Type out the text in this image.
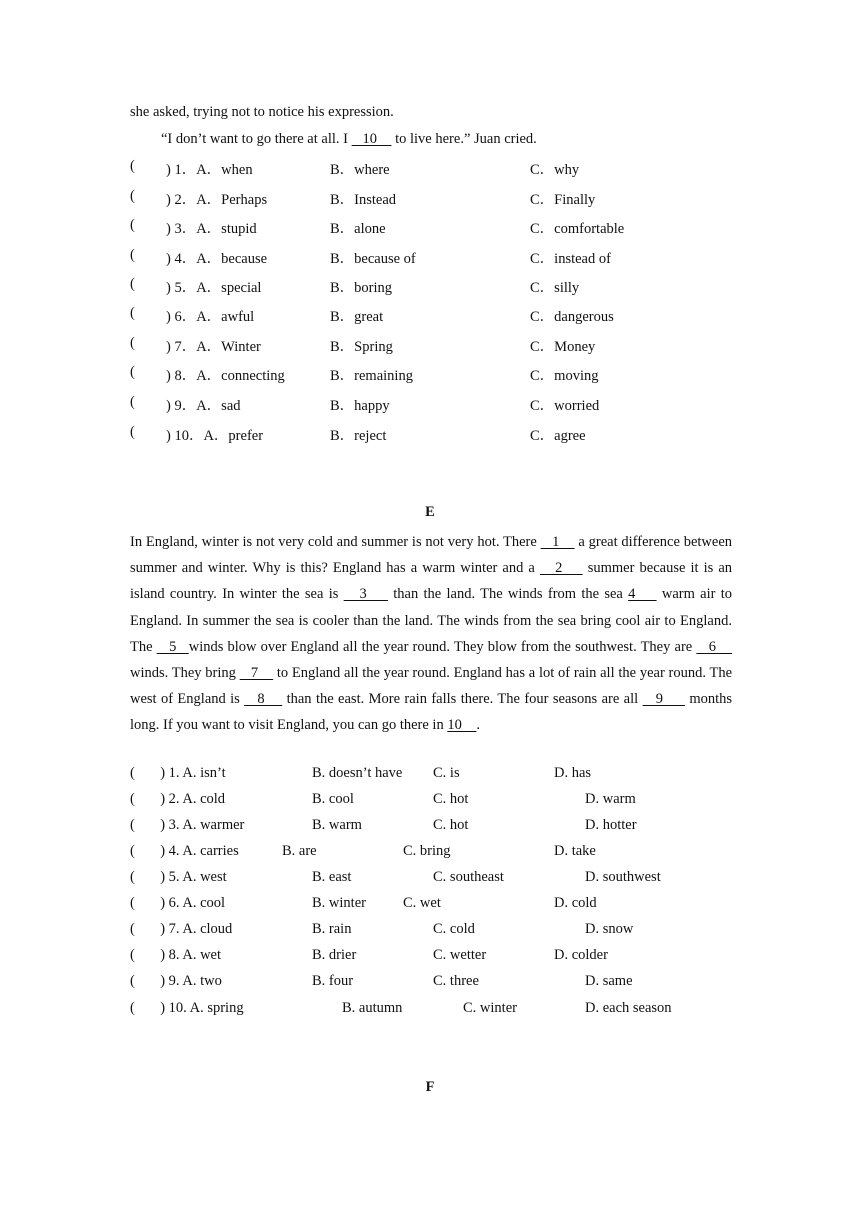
she asked, trying not to notice his expression.
“I don’t want to go there at all. I    10     to live here.” Juan cried.
( ) 1．A．when	B．where	C．why
( ) 2．A．Perhaps	B．Instead	C．Finally
( ) 3．A．stupid	B．alone	C．comfortable
( ) 4．A．because	B．because of	C．instead of
( ) 5．A．special	B．boring	C．silly
( ) 6．A．awful	B．great	C．dangerous
( ) 7．A．Winter	B．Spring	C．Money
( ) 8．A．connecting	B．remaining	C．moving
( ) 9．A．sad	B．happy	C．worried
( ) 10．A．prefer	B．reject	C．agree
E
In England, winter is not very cold and summer is not very hot. There    1     a great difference between summer and winter. Why is this? England has a warm winter and a    2     summer because it is an island country. In winter the sea is    3     than the land. The winds from the sea 4     warm air to England. In summer the sea is cooler than the land. The winds from the sea bring cool air to England. The    5   winds blow over England all the year round. They blow from the southwest. They are    6     winds. They bring    7     to England all the year round. England has a lot of rain all the year round. The west of England is    8     than the east. More rain falls there. The four seasons are all    9      months long. If you want to visit England, you can go there in 10    .
(       ) 1. A. isn’t	B. doesn’t have C. is	D. has
(       ) 2. A. cold	B. cool	C. hot	D. warm
(       ) 3. A. warmer	B. warm	C. hot	D. hotter
(       ) 4. A. carries	B. are	C. bring	D. take
(       ) 5. A. west	B. east	C. southeast	D. southwest
(       ) 6. A. cool	B. winter	C. wet	D. cold
(       ) 7. A. cloud	B. rain	C. cold	D. snow
(       ) 8. A. wet	B. drier	C. wetter	D. colder
(       ) 9. A. two	B. four	C. three	D. same
(       ) 10. A. spring	B. autumn	C. winter	D. each season
F
